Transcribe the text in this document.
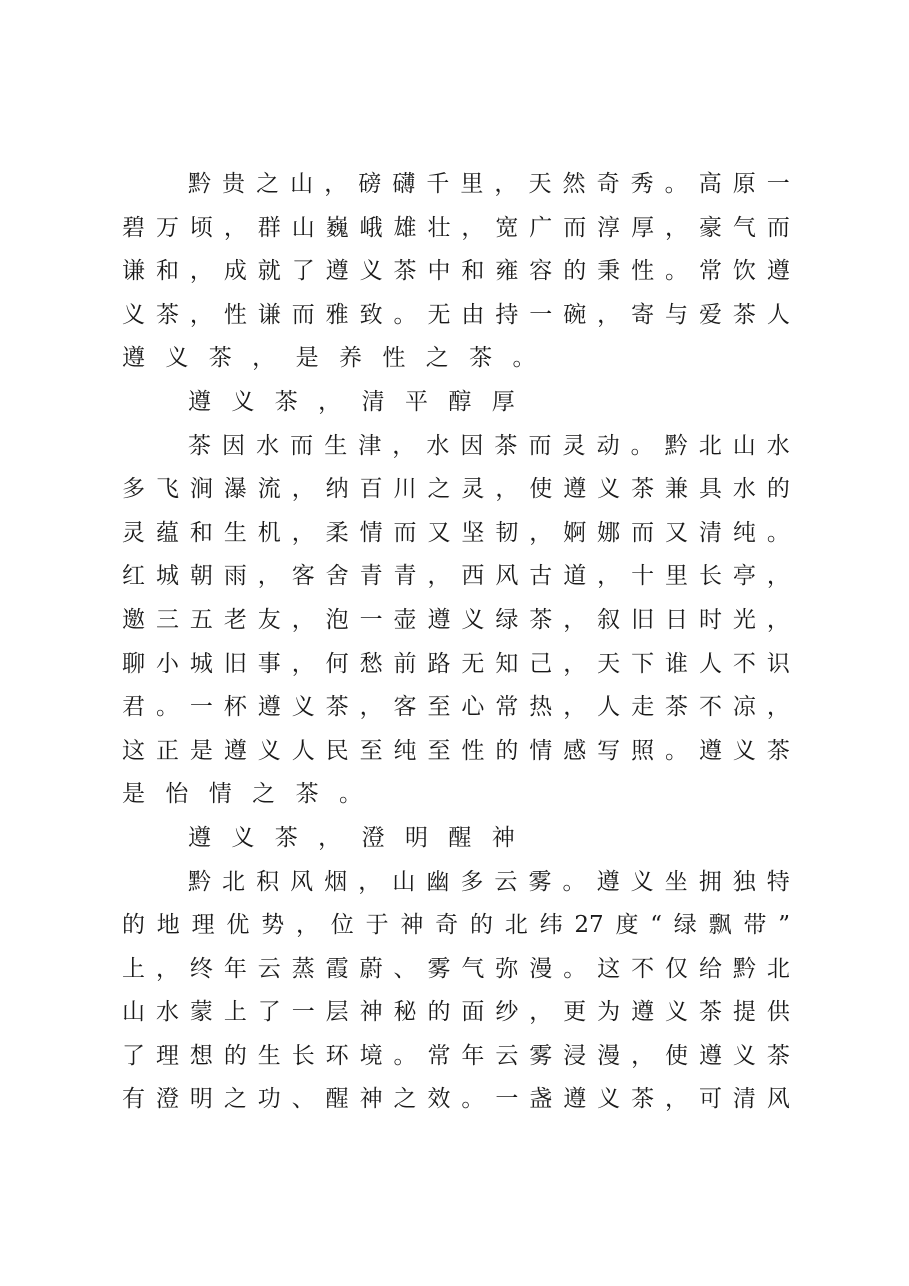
黔 贵 之 山 ， 磅 礴 千 里 ， 天 然 奇 秀 。 高 原 一
碧 万 顷 ， 群 山 巍 峨 雄 壮 ， 宽 广 而 淳 厚 ， 豪 气 而
谦 和 ， 成 就 了 遵 义 茶 中 和 雍 容 的 秉 性 。 常 饮 遵
义 茶 ， 性 谦 而 雅 致 。 无 由 持 一 碗 ， 寄 与 爱 茶 人
遵 义 茶 ， 是 养 性 之 茶 。
遵 义 茶 ， 清 平 醇 厚
茶 因 水 而 生 津 ， 水 因 茶 而 灵 动 。 黔 北 山 水
多 飞 涧 瀑 流 ， 纳 百 川 之 灵 ， 使 遵 义 茶 兼 具 水 的
灵 蕴 和 生 机 ， 柔 情 而 又 坚 韧 ， 婀 娜 而 又 清 纯 。
红 城 朝 雨 ， 客 舍 青 青 ， 西 风 古 道 ， 十 里 长 亭 ，
邀 三 五 老 友 ， 泡 一 壶 遵 义 绿 茶 ， 叙 旧 日 时 光 ，
聊 小 城 旧 事 ， 何 愁 前 路 无 知 己 ， 天 下 谁 人 不 识
君 。 一 杯 遵 义 茶 ， 客 至 心 常 热 ， 人 走 茶 不 凉 ，
这 正 是 遵 义 人 民 至 纯 至 性 的 情 感 写 照 。 遵 义 茶
是 怡 情 之 茶 。
遵 义 茶 ， 澄 明 醒 神
黔 北 积 风 烟 ， 山 幽 多 云 雾 。 遵 义 坐 拥 独 特
的 地 理 优 势 ， 位 于 神 奇 的 北 纬 27 度 “ 绿 飘 带 ”
上 ， 终 年 云 蒸 霞 蔚 、 雾 气 弥 漫 。 这 不 仅 给 黔 北
山 水 蒙 上 了 一 层 神 秘 的 面 纱 ， 更 为 遵 义 茶 提 供
了 理 想 的 生 长 环 境 。 常 年 云 雾 浸 漫 ， 使 遵 义 茶
有 澄 明 之 功 、 醒 神 之 效 。 一 盏 遵 义 茶 ， 可 清 风
